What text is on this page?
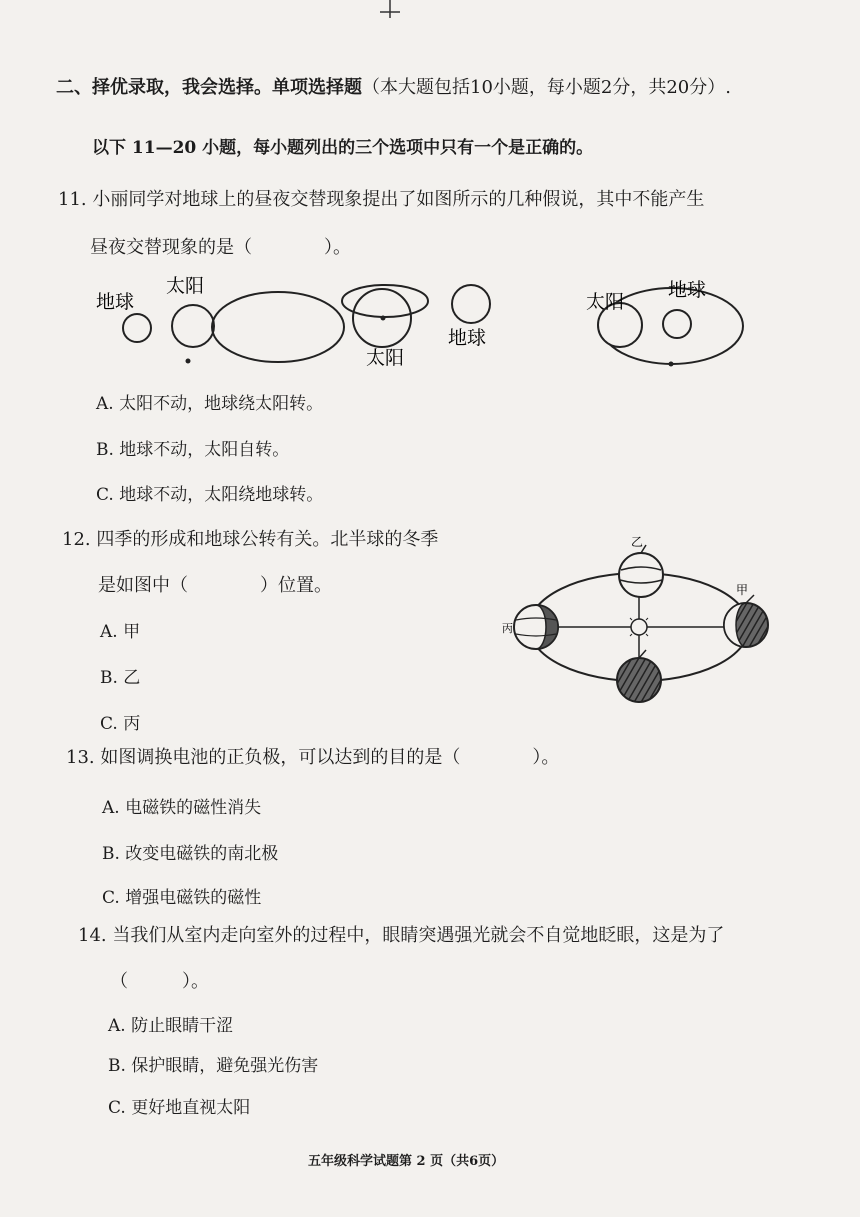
二、择优录取，我会选择。单项选择题（本大题包括10小题，每小题2分，共20分）.
以下 11—20 小题，每小题列出的三个选项中只有一个是正确的。
11. 小丽同学对地球上的昼夜交替现象提出了如图所示的几种假说，其中不能产生
昼夜交替现象的是（　　　　）。
地球
太阳
地球
太阳
太阳
地球
A. 太阳不动，地球绕太阳转。
B. 地球不动，太阳自转。
C. 地球不动，太阳绕地球转。
12. 四季的形成和地球公转有关。北半球的冬季
是如图中（　　　　）位置。
A. 甲
B. 乙
C. 丙
乙
甲
丙
13. 如图调换电池的正负极，可以达到的目的是（　　　　）。
A. 电磁铁的磁性消失
B. 改变电磁铁的南北极
C. 增强电磁铁的磁性
14. 当我们从室内走向室外的过程中，眼睛突遇强光就会不自觉地眨眼，这是为了
（　　　）。
A. 防止眼睛干涩
B. 保护眼睛，避免强光伤害
C. 更好地直视太阳
五年级科学试题第 2 页（共6页）
